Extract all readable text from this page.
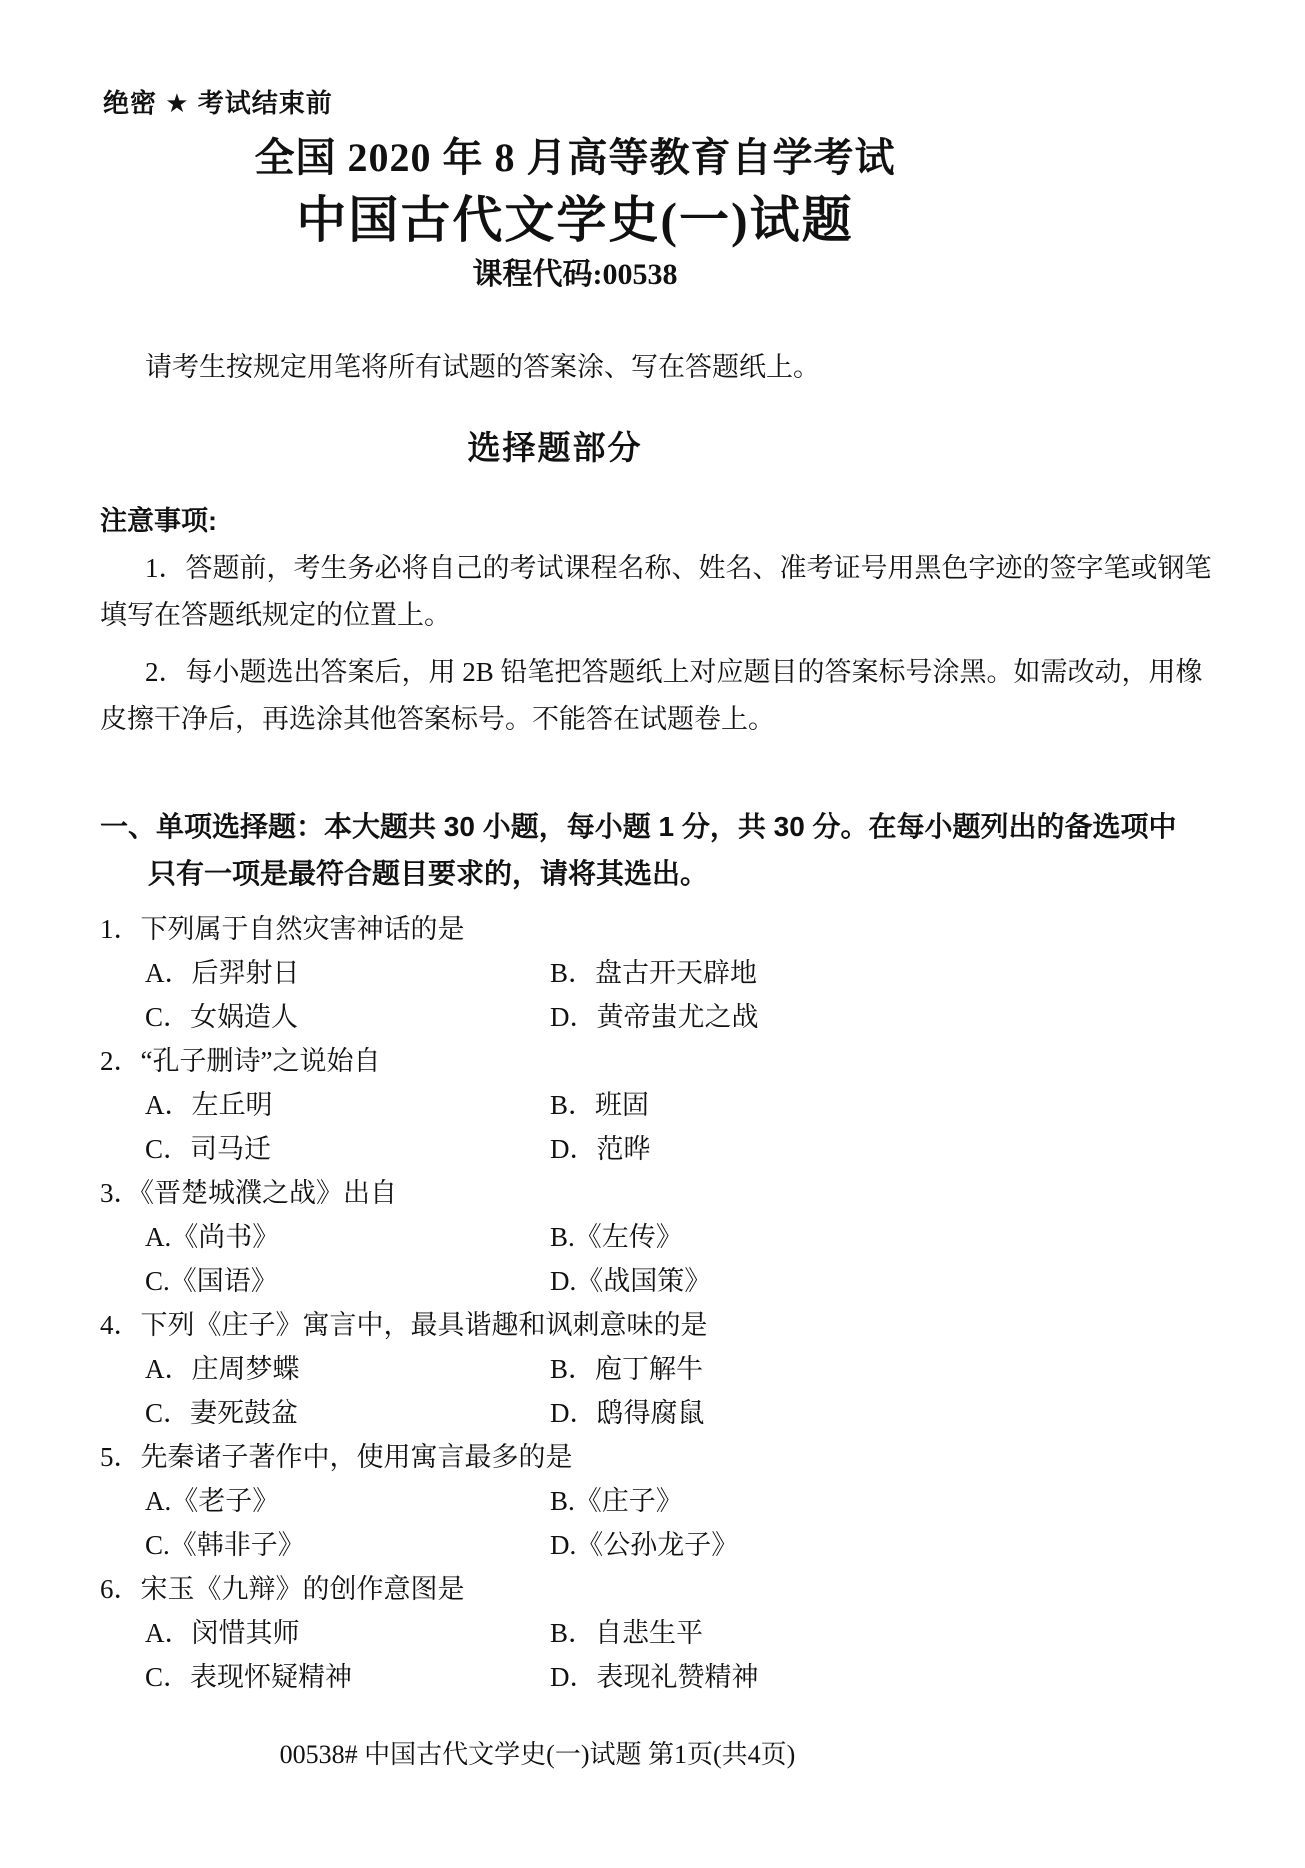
绝密 ★ 考试结束前
全国 2020 年 8 月高等教育自学考试
中国古代文学史(一)试题
课程代码:00538
请考生按规定用笔将所有试题的答案涂、写在答题纸上。
选择题部分
注意事项:
1．答题前，考生务必将自己的考试课程名称、姓名、准考证号用黑色字迹的签字笔或钢笔
填写在答题纸规定的位置上。
2．每小题选出答案后，用 2B 铅笔把答题纸上对应题目的答案标号涂黑。如需改动，用橡
皮擦干净后，再选涂其他答案标号。不能答在试题卷上。
一、单项选择题：本大题共 30 小题，每小题 1 分，共 30 分。在每小题列出的备选项中
只有一项是最符合题目要求的，请将其选出。
1．下列属于自然灾害神话的是
A．后羿射日	B．盘古开天辟地
C．女娲造人	D．黄帝蚩尤之战
2．“孔子删诗”之说始自
A．左丘明	B．班固
C．司马迁	D．范晔
3．《晋楚城濮之战》出自
A.《尚书》	B.《左传》
C.《国语》	D.《战国策》
4．下列《庄子》寓言中，最具谐趣和讽刺意味的是
A．庄周梦蝶	B．庖丁解牛
C．妻死鼓盆	D．鸱得腐鼠
5．先秦诸子著作中，使用寓言最多的是
A.《老子》	B.《庄子》
C.《韩非子》	D.《公孙龙子》
6．宋玉《九辩》的创作意图是
A．闵惜其师	B．自悲生平
C．表现怀疑精神	D．表现礼赞精神
00538# 中国古代文学史(一)试题 第1页(共4页)
